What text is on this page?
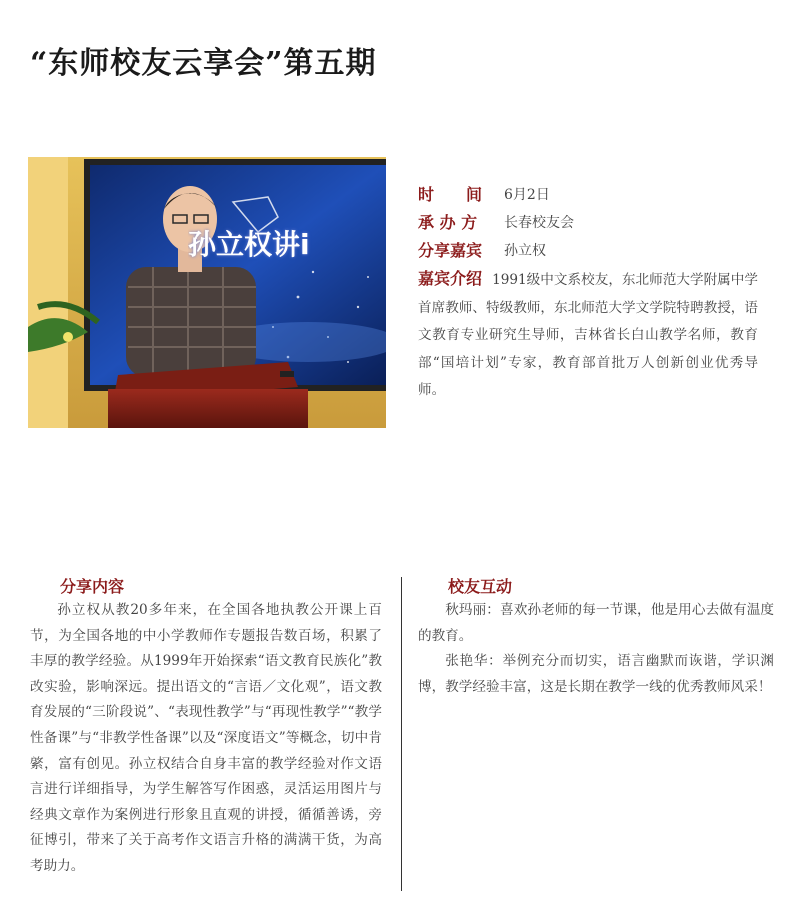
“东师校友云享会”第五期
孙立权讲i
时　　间 6月2日
承 办 方 长春校友会
分享嘉宾 孙立权
嘉宾介绍 1991级中文系校友，东北师范大学附属中学首席教师、特级教师，东北师范大学文学院特聘教授，语文教育专业研究生导师，吉林省长白山教学名师，教育部“国培计划”专家，教育部首批万人创新创业优秀导师。
分享内容

孙立权从教20多年来，在全国各地执教公开课上百节，为全国各地的中小学教师作专题报告数百场，积累了丰厚的教学经验。从1999年开始探索“语文教育民族化”教改实验，影响深远。提出语文的“言语／文化观”，语文教育发展的“三阶段说”、“表现性教学”与“再现性教学”“教学性备课”与“非教学性备课”以及“深度语文”等概念，切中肯綮，富有创见。孙立权结合自身丰富的教学经验对作文语言进行详细指导，为学生解答写作困惑，灵活运用图片与经典文章作为案例进行形象且直观的讲授，循循善诱，旁征博引，带来了关于高考作文语言升格的满满干货，为高考助力。

校友互动

秋玛丽：喜欢孙老师的每一节课，他是用心去做有温度的教育。

张艳华：举例充分而切实，语言幽默而诙谐，学识渊博，教学经验丰富，这是长期在教学一线的优秀教师风采！
